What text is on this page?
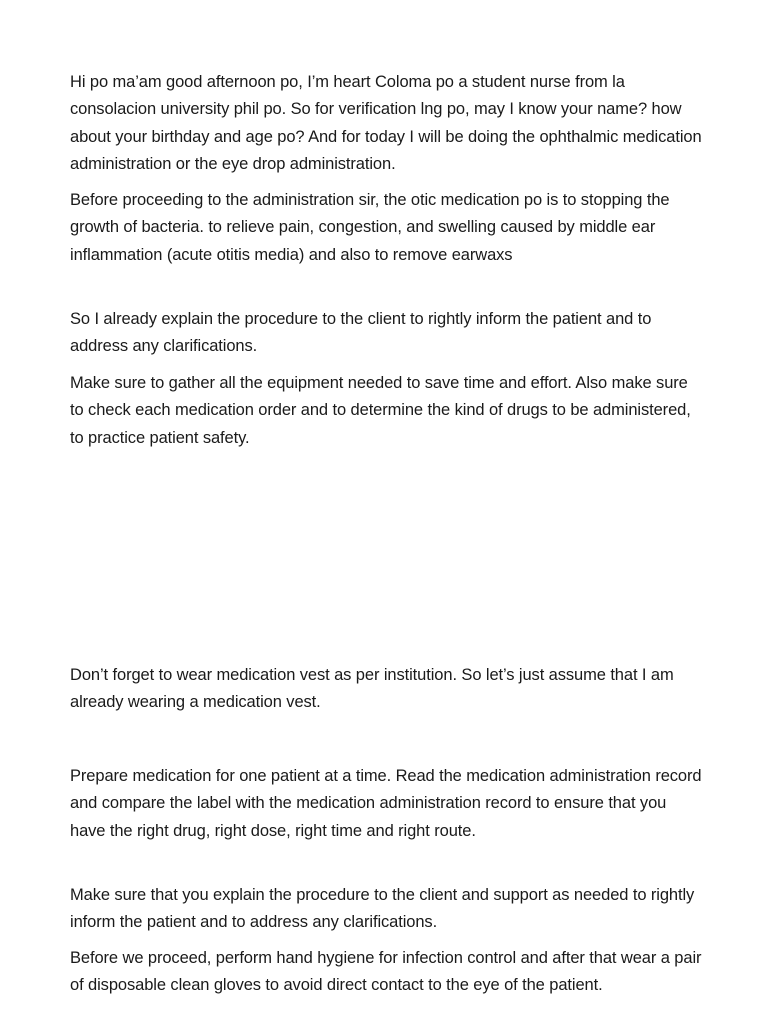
Hi po ma’am good afternoon po, I’m heart Coloma po a student nurse from la consolacion university phil po. So for verification lng po, may I know your name? how about your birthday and age po? And for today I will be doing the ophthalmic medication administration or the eye drop administration.

Before proceeding to the administration sir, the otic medication po is to stopping the growth of bacteria. to relieve pain, congestion, and swelling caused by middle ear inflammation (acute otitis media) and also to remove earwaxs

So I already explain the procedure to the client to rightly inform the patient and to address any clarifications.

Make sure to gather all the equipment needed to save time and effort. Also make sure to check each medication order and to determine the kind of drugs to be administered, to practice patient safety.

Don’t forget to wear medication vest as per institution. So let’s just assume that I am already wearing a medication vest.

Prepare medication for one patient at a time. Read the medication administration record and compare the label with the medication administration record to ensure that you have the right drug, right dose, right time and right route.

Make sure that you explain the procedure to the client and support as needed to rightly inform the patient and to address any clarifications.

Before we proceed, perform hand hygiene for infection control and after that wear a pair of disposable clean gloves to avoid direct contact to the eye of the patient.
